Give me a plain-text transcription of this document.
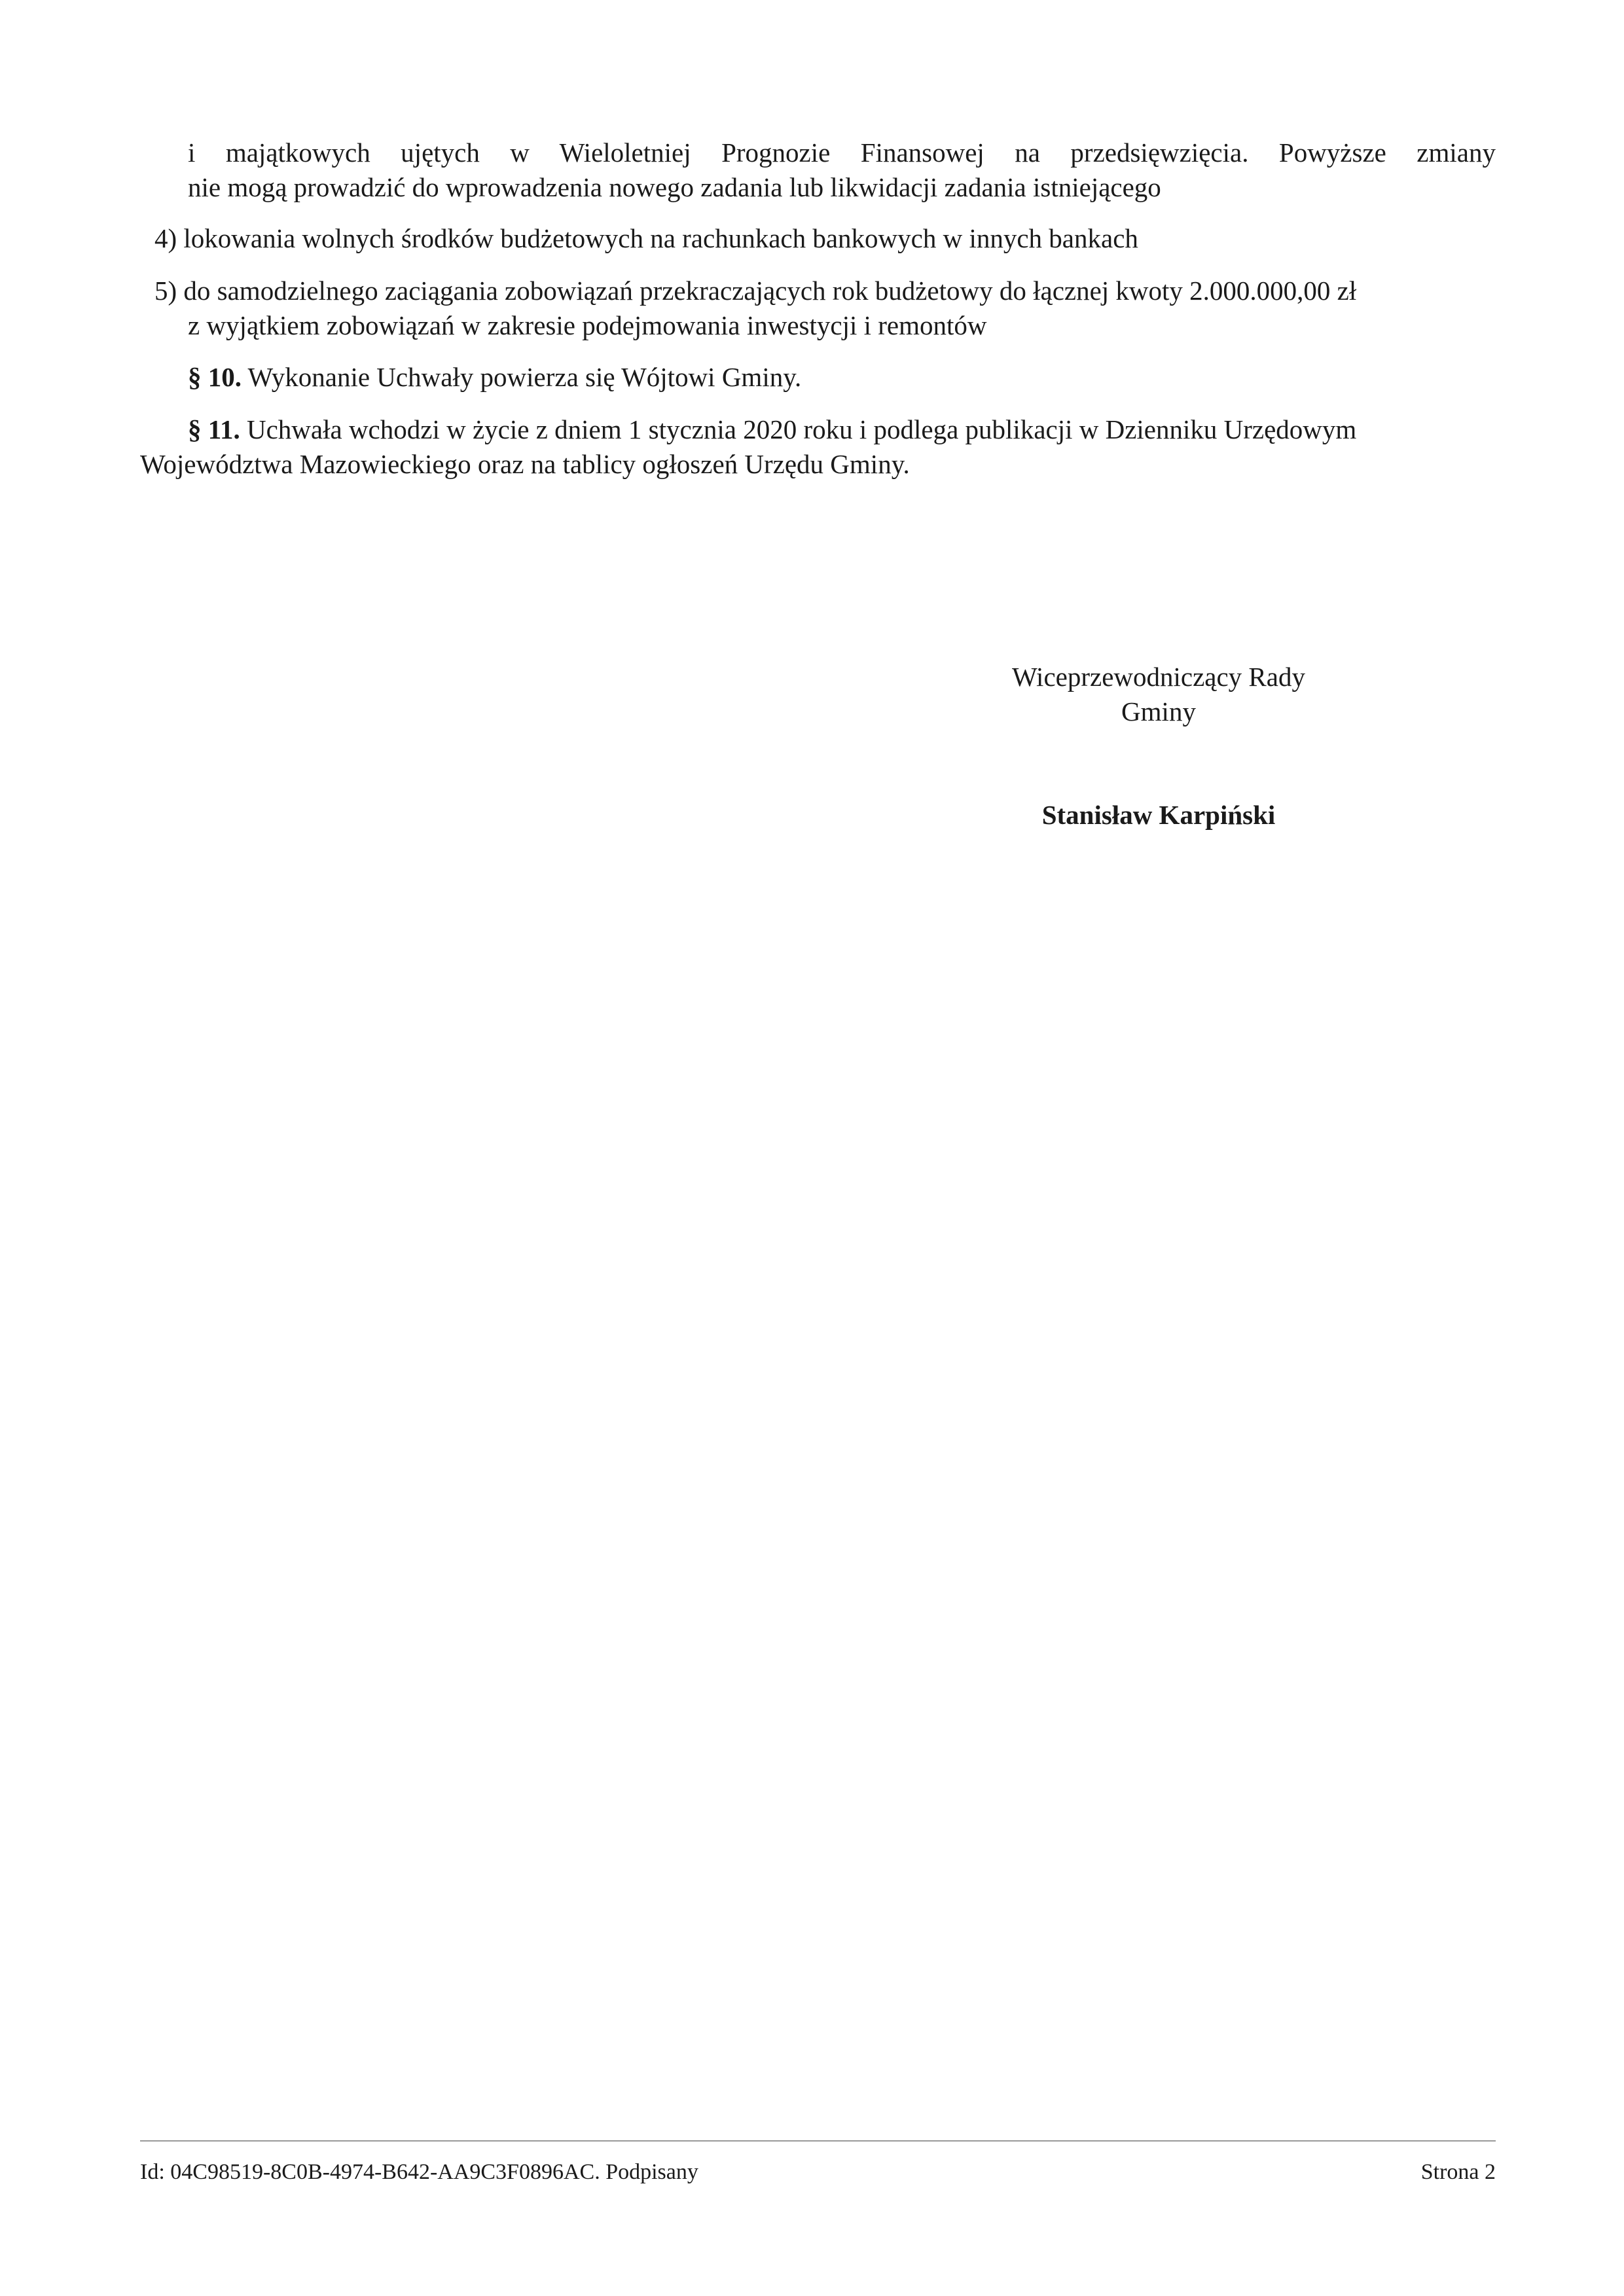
i majątkowych ujętych w Wieloletniej Prognozie Finansowej na przedsięwzięcia. Powyższe zmiany

nie mogą prowadzić do wprowadzenia nowego zadania lub likwidacji zadania istniejącego

4) lokowania wolnych środków budżetowych na rachunkach bankowych w innych bankach

5) do samodzielnego zaciągania zobowiązań przekraczających rok budżetowy do łącznej kwoty 2.000.000,00 zł

z wyjątkiem zobowiązań w zakresie podejmowania inwestycji i remontów

§ 10. Wykonanie Uchwały powierza się Wójtowi Gminy.

§ 11. Uchwała wchodzi w życie z dniem 1 stycznia 2020 roku i podlega publikacji w Dzienniku Urzędowym

Województwa Mazowieckiego oraz na tablicy ogłoszeń Urzędu Gminy.

Wiceprzewodniczący Rady
Gminy
Stanisław Karpiński
Id: 04C98519-8C0B-4974-B642-AA9C3F0896AC. Podpisany	Strona 2
